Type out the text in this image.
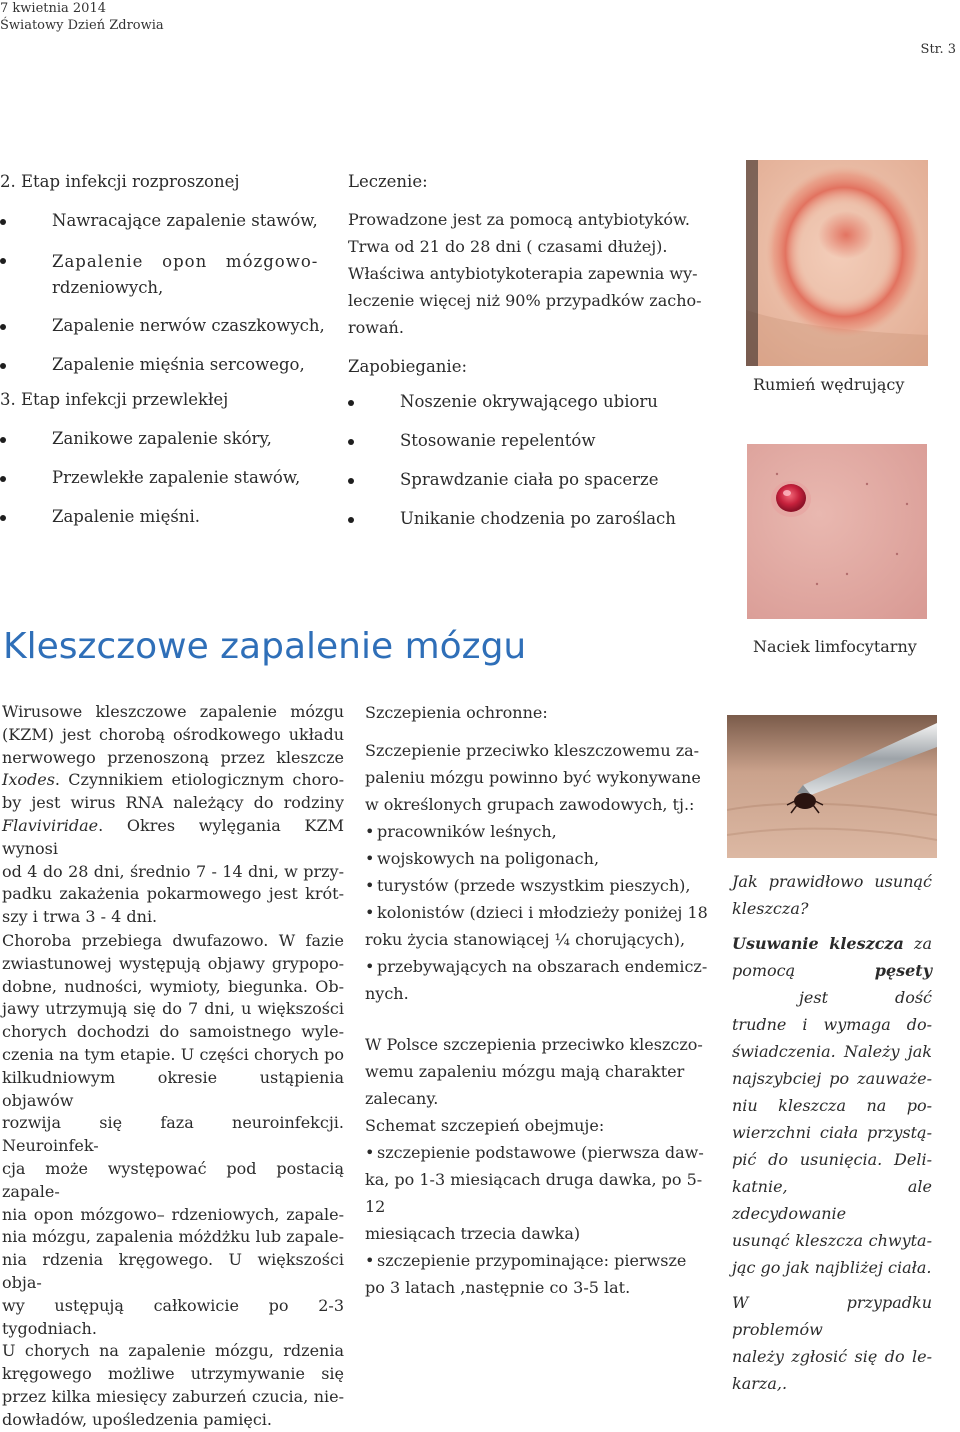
7 kwietnia 2014
Światowy Dzień Zdrowia
Str. 3
2. Etap infekcji rozproszonej
Nawracające zapalenie stawów,
Zapalenie   opon   mózgowo-
rdzeniowych,
Zapalenie nerwów czaszkowych,
Zapalenie mięśnia sercowego,
3. Etap infekcji przewlekłej
Zanikowe zapalenie skóry,
Przewlekłe zapalenie stawów,
Zapalenie mięśni.
Leczenie:
Prowadzone jest za pomocą antybiotyków.
Trwa od 21 do 28 dni ( czasami dłużej).
Właściwa antybiotykoterapia zapewnia wy-
leczenie więcej niż 90% przypadków zacho-
rowań.
Zapobieganie:
Noszenie okrywającego ubioru
Stosowanie repelentów
Sprawdzanie ciała po spacerze
Unikanie chodzenia po zaroślach
Rumień wędrujący
Kleszczowe zapalenie mózgu	Naciek limfocytarny
Wirusowe kleszczowe zapalenie mózgu
(KZM) jest chorobą ośrodkowego układu
nerwowego przenoszoną przez kleszcze
Ixodes. Czynnikiem etiologicznym choro-
by jest wirus RNA należący do rodziny
Flaviviridae. Okres wylęgania KZM wynosi
od 4 do 28 dni, średnio 7 - 14 dni, w przy-
padku zakażenia pokarmowego jest krót-
szy i trwa 3 - 4 dni.
Choroba przebiega dwufazowo. W fazie
zwiastunowej występują objawy grypopo-
dobne, nudności, wymioty, biegunka. Ob-
jawy utrzymują się do 7 dni, u większości
chorych dochodzi do samoistnego wyle-
czenia na tym etapie. U części chorych po
kilkudniowym okresie ustąpienia objawów
rozwija się faza neuroinfekcji. Neuroinfek-
cja może występować pod postacią zapale-
nia opon mózgowo– rdzeniowych, zapale-
nia mózgu, zapalenia móżdżku lub zapale-
nia rdzenia kręgowego. U większości obja-
wy ustępują całkowicie po 2-3 tygodniach.
U chorych na zapalenie mózgu, rdzenia
kręgowego możliwe utrzymywanie się
przez kilka miesięcy zaburzeń czucia, nie-
dowładów, upośledzenia pamięci.
Szczepienia ochronne:
Szczepienie przeciwko kleszczowemu za-
paleniu mózgu powinno być wykonywane
w określonych grupach zawodowych, tj.:
• pracowników leśnych,
• wojskowych na poligonach,
• turystów (przede wszystkim pieszych),
• kolonistów (dzieci i młodzieży poniżej 18
roku życia stanowiącej ¼ chorujących),
• przebywających na obszarach endemicz-
nych.
W Polsce szczepienia przeciwko kleszczo-
wemu zapaleniu mózgu mają charakter
zalecany.
Schemat szczepień obejmuje:
• szczepienie podstawowe (pierwsza daw-
ka, po 1-3 miesiącach druga dawka, po 5-12
miesiącach trzecia dawka)
• szczepienie przypominające: pierwsze
po 3 latach ,następnie co 3-5 lat.
Jak prawidłowo usunąć
kleszcza?
Usuwanie kleszcza za
pomocą pęsety jest dość
trudne i wymaga do-
świadczenia. Należy jak
najszybciej po zauważe-
niu kleszcza na po-
wierzchni ciała przystą-
pić do usunięcia. Deli-
katnie, ale zdecydowanie
usunąć kleszcza chwyta-
jąc go jak najbliżej ciała.
W przypadku problemów
należy zgłosić się do le-
karza,.
